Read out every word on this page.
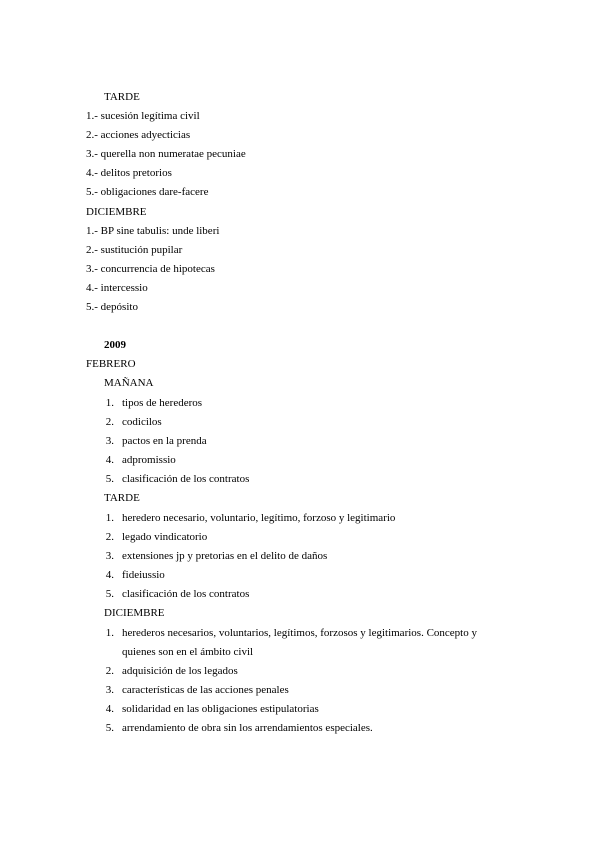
TARDE
1.- sucesión legítima civil
2.- acciones adyecticias
3.- querella non numeratae pecuniae
4.- delitos pretorios
5.- obligaciones dare-facere
DICIEMBRE
1.- BP sine tabulis: unde liberi
2.- sustitución pupilar
3.- concurrencia de hipotecas
4.- intercessio
5.- depósito
2009
FEBRERO
MAÑANA
1. tipos de herederos
2. codicilos
3. pactos en la prenda
4. adpromissio
5. clasificación de los contratos
TARDE
1. heredero necesario, voluntario, legítimo, forzoso y legitimario
2. legado vindicatorio
3. extensiones jp y pretorias en el delito de daños
4. fideiussio
5. clasificación de los contratos
DICIEMBRE
1. herederos necesarios, voluntarios, legítimos, forzosos y legitimarios. Concepto y
quienes son en el ámbito civil
2. adquisición de los legados
3. características de las acciones penales
4. solidaridad en las obligaciones estipulatorias
5. arrendamiento de obra sin los arrendamientos especiales.
